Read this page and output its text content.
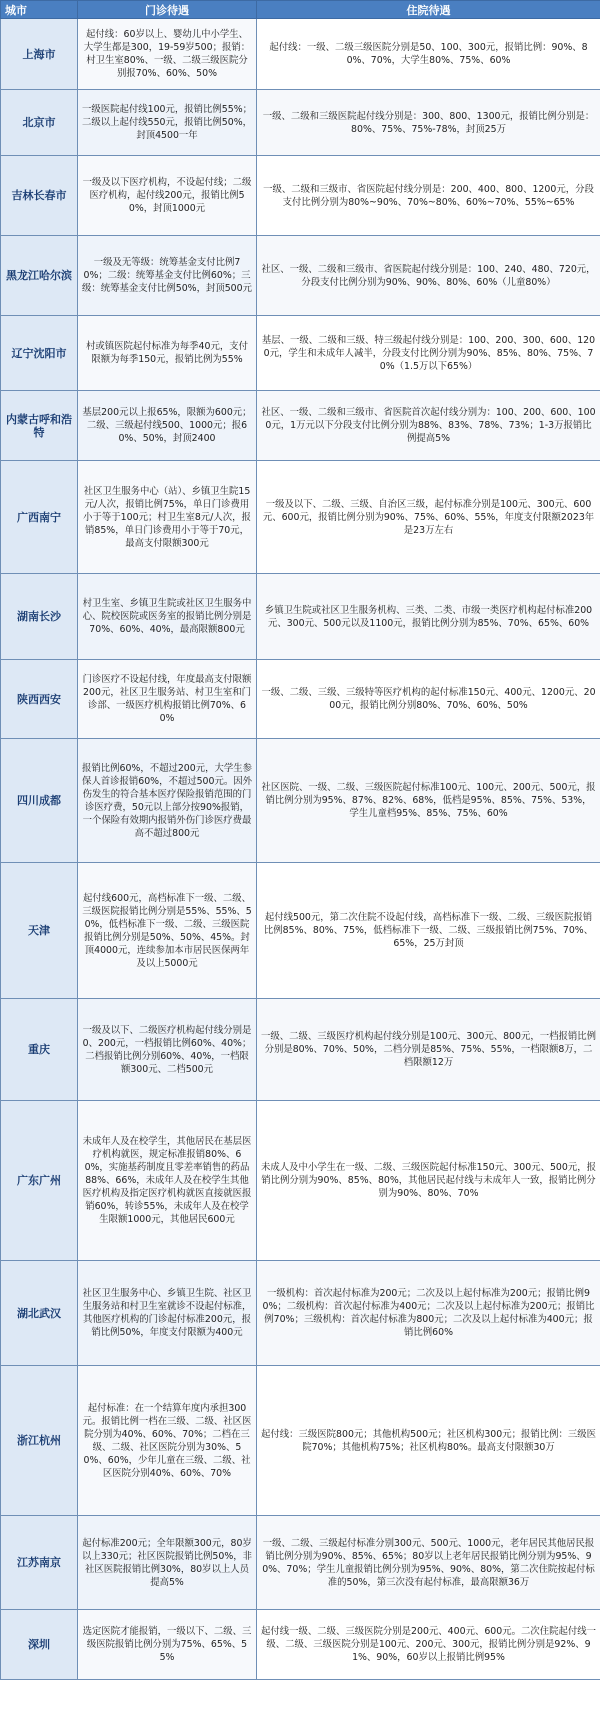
城市	门诊待遇	住院待遇
上海市	起付线：60岁以上、婴幼儿中小学生、大学生都是300，19-59岁500；报销：村卫生室80%、一级、二级三级医院分别报70%、60%、50%	起付线：一级、二级三级医院分别是50、100、300元，报销比例：90%、80%、70%，大学生80%、75%、60%
北京市	一级医院起付线100元，报销比例55%；二级以上起付线550元，报销比例50%，封顶4500一年	一级、二级和三级医院起付线分别是：300、800、1300元，报销比例分别是：80%、75%、75%-78%，封顶25万
吉林长春市	一级及以下医疗机构，不设起付线；二级医疗机构，起付线200元，报销比例50%，封顶1000元	一级、二级和三级市、省医院起付线分别是：200、400、800、1200元，分段支付比例分别为80%~90%、70%~80%、60%~70%、55%~65%
黑龙江哈尔滨	一级及无等级：统筹基金支付比例70%；二级：统筹基金支付比例60%；三级：统筹基金支付比例50%，封顶500元	社区、一级、二级和三级市、省医院起付线分别是：100、240、480、720元，分段支付比例分别为90%、90%、80%、60%（儿童80%）
辽宁沈阳市	村或镇医院起付标准为每季40元，支付限额为每季150元，报销比例为55%	基层、一级、二级和三级、特三级起付线分别是：100、200、300、600、1200元，学生和未成年人减半，分段支付比例分别为90%、85%、80%、75%、70%（1.5万以下65%）
内蒙古呼和浩特	基层200元以上报65%，限额为600元；二级、三级起付线500、1000元；报60%、50%，封顶2400	社区、一级、二级和三级市、省医院首次起付线分别为：100、200、600、1000元，1万元以下分段支付比例分别为88%、83%、78%、73%；1-3万报销比例提高5%
广西南宁	社区卫生服务中心（站）、乡镇卫生院15元/人次，报销比例75%，单日门诊费用小于等于100元；村卫生室8元/人次，报销85%，单日门诊费用小于等于70元，最高支付限额300元	一级及以下、二级、三级、自治区三级，起付标准分别是100元、300元、600元、600元，报销比例分别为90%、75%、60%、55%，年度支付限额2023年是23万左右
湖南长沙	村卫生室、乡镇卫生院或社区卫生服务中心、院校医院或医务室的报销比例分别是70%、60%、40%，最高限额800元	乡镇卫生院或社区卫生服务机构、三类、二类、市级一类医疗机构起付标准200元、300元、500元以及1100元，报销比例分别为85%、70%、65%、60%
陕西西安	门诊医疗不设起付线，年度最高支付限额200元，社区卫生服务站、村卫生室和门诊部、一级医疗机构报销比例70%、60%	一级、二级、三级、三级特等医疗机构的起付标准150元、400元、1200元、2000元，报销比例分别80%、70%、60%、50%
四川成都	报销比例60%，不超过200元，大学生参保人首诊报销60%，不超过500元。因外伤发生的符合基本医疗保险报销范围的门诊医疗费，50元以上部分按90%报销，一个保险有效期内报销外伤门诊医疗费最高不超过800元	社区医院、一级、二级、三级医院起付标准100元、100元、200元、500元，报销比例分别为95%、87%、82%、68%，低档是95%、85%、75%、53%，学生儿童档95%、85%、75%、60%
天津	起付线600元，高档标准下一级、二级、三级医院报销比例分别是55%、55%、50%，低档标准下一级、二级、三级医院报销比例分别是50%、50%、45%。封顶4000元，连续参加本市居民医保两年及以上5000元	起付线500元，第二次住院不设起付线，高档标准下一级、二级、三级医院报销比例85%、80%、75%，低档标准下一级、二级、三级报销比例75%、70%、65%，25万封顶
重庆	一级及以下、二级医疗机构起付线分别是0、200元，一档报销比例60%、40%；二档报销比例分别60%、40%，一档限额300元、二档500元	一级、二级、三级医疗机构起付线分别是100元、300元、800元，一档报销比例分别是80%、70%、50%，二档分别是85%、75%、55%，一档限额8万，二档限额12万
广东广州	未成年人及在校学生，其他居民在基层医疗机构就医，规定标准报销80%、60%，实施基药制度且零差率销售的药品88%、66%，未成年人及在校学生其他医疗机构及指定医疗机构就医直接就医报销60%，转诊55%，未成年人及在校学生限额1000元，其他居民600元	未成人及中小学生在一级、二级、三级医院起付标准150元、300元、500元，报销比例分别为90%、85%、80%，其他居民起付线与未成年人一致，报销比例分别为90%、80%、70%
湖北武汉	社区卫生服务中心、乡镇卫生院、社区卫生服务站和村卫生室就诊不设起付标准，其他医疗机构的门诊起付标准200元，报销比例50%，年度支付限额为400元	一级机构：首次起付标准为200元；二次及以上起付标准为200元；报销比例90%；二级机构：首次起付标准为400元；二次及以上起付标准为200元；报销比例70%；三级机构：首次起付标准为800元；二次及以上起付标准为400元；报销比例60%
浙江杭州	起付标准：在一个结算年度内承担300元。报销比例一档在三级、二级、社区医院分别为40%、60%、70%；二档在三级、二级、社区医院分别为30%、50%、60%，少年儿童在三级、二级、社区医院分别40%、60%、70%	起付线：三级医院800元；其他机构500元；社区机构300元；报销比例：三级医院70%；其他机构75%；社区机构80%。最高支付限额30万
江苏南京	起付标准200元；全年限额300元，80岁以上330元；社区医院报销比例50%，非社区医院报销比例30%，80岁以上人员提高5%	一级、二级、三级起付标准分别300元、500元、1000元，老年居民其他居民报销比例分别为90%、85%、65%；80岁以上老年居民报销比例分别为95%、90%、70%；学生儿童报销比例分别为95%、90%、80%，第二次住院按起付标准的50%，第三次没有起付标准，最高限额36万
深圳	选定医院才能报销，一级以下、二级、三级医院报销比例分别为75%、65%、55%	起付线一级、二级、三级医院分别是200元、400元、600元。二次住院起付线一级、二级、三级医院分别是100元、200元、300元，报销比例分别是92%、91%、90%，60岁以上报销比例95%
